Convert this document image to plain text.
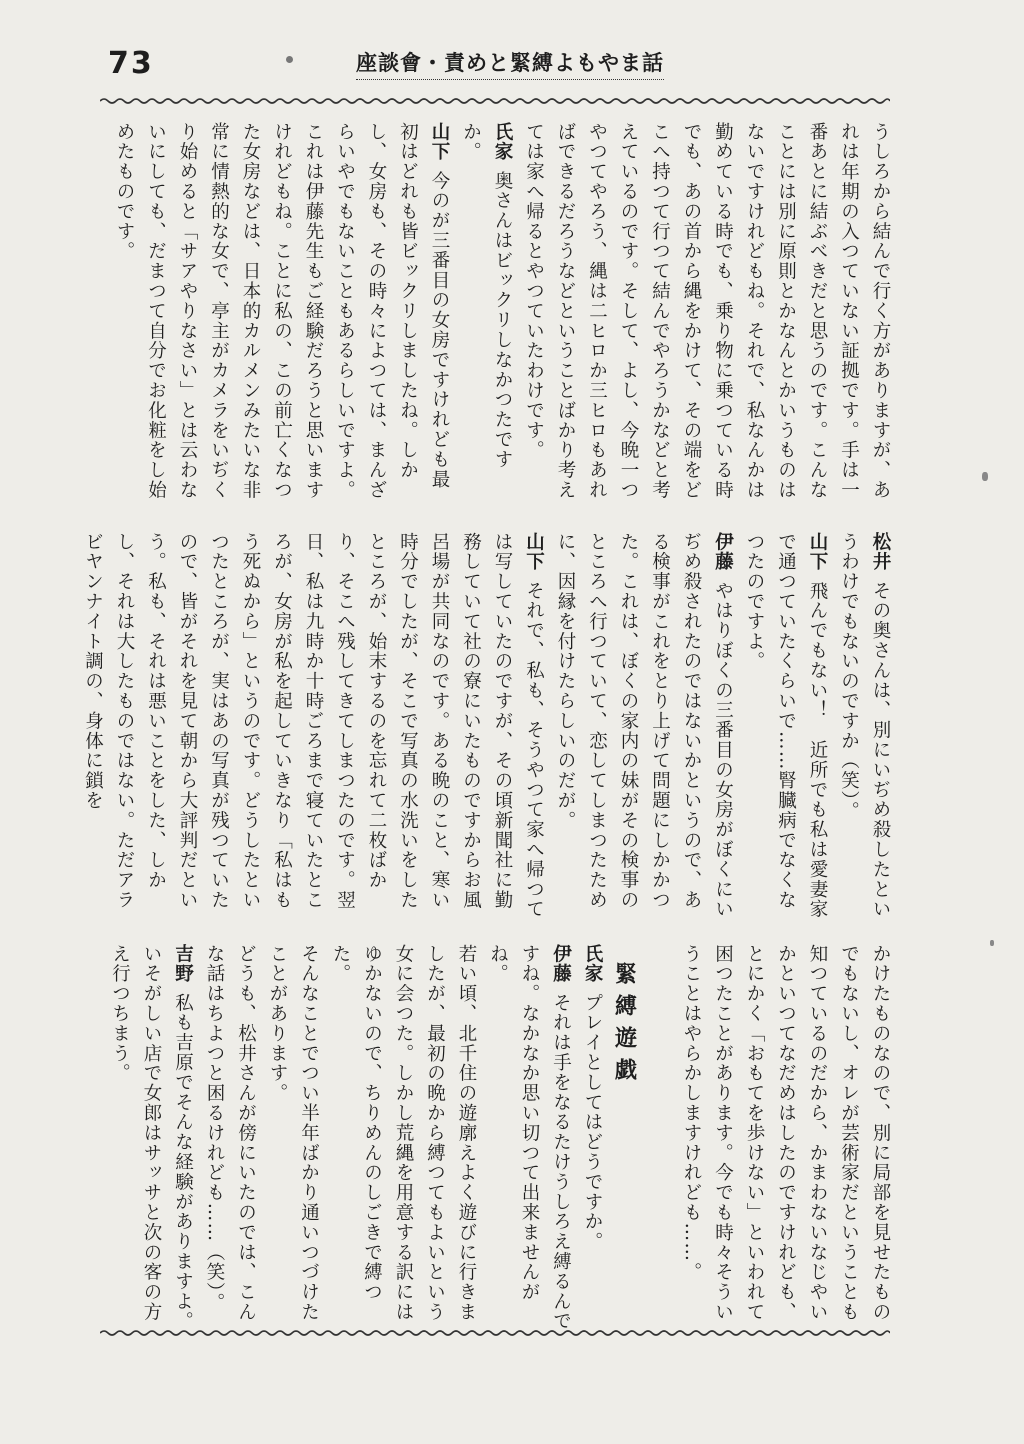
73	座談會・責めと緊縛よもやま話

うしろから結んで行く方がありますが、あれは年期の入つていない証拠です。手は一番あとに結ぶべきだと思うのです。こんなことには別に原則とかなんとかいうものはないですけれどもね。それで、私なんかは勤めている時でも、乗り物に乗つている時でも、あの首から縄をかけて、その端をどこへ持つて行つて結んでやろうかなどと考えているのです。そして、よし、今晩一つやつてやろう、縄は二ヒロか三ヒロもあればできるだろうなどということばかり考えては家へ帰るとやつていたわけです。

氏家奥さんはビックリしなかつたですか。

山下今のが三番目の女房ですけれども最初はどれも皆ビックリしましたね。しかし、女房も、その時々によつては、まんざらいやでもないこともあるらしいですよ。これは伊藤先生もご経験だろうと思いますけれどもね。ことに私の、この前亡くなつた女房などは、日本的カルメンみたいな非常に情熱的な女で、亭主がカメラをいぢくり始めると「サアやりなさい」とは云わないにしても、だまつて自分でお化粧をし始めたものです。

松井その奥さんは、別にいぢめ殺したというわけでもないのですか（笑）。

山下飛んでもない！　近所でも私は愛妻家で通つていたくらいで……腎臓病でなくなつたのですよ。

伊藤やはりぼくの三番目の女房がぼくにいぢめ殺されたのではないかというので、ある検事がこれをとり上げて問題にしかかつた。これは、ぼくの家内の妹がその検事のところへ行つていて、恋してしまつたために、因縁を付けたらしいのだが。

山下それで、私も、そうやつて家へ帰つては写していたのですが、その頃新聞社に勤務していて社の寮にいたものですからお風呂場が共同なのです。ある晩のこと、寒い時分でしたが、そこで写真の水洗いをしたところが、始末するのを忘れて二枚ばかり、そこへ残してきてしまつたのです。翌日、私は九時か十時ごろまで寝ていたところが、女房が私を起していきなり「私はもう死ぬから」というのです。どうしたといつたところが、実はあの写真が残つていたので、皆がそれを見て朝から大評判だという。私も、それは悪いことをした、しかし、それは大したものではない。ただアラビヤンナイト調の、身体に鎖を

かけたものなので、別に局部を見せたものでもないし、オレが芸術家だということも知つているのだから、かまわないなじやいかといつてなだめはしたのですけれども、とにかく「おもてを歩けない」といわれて困つたことがあります。今でも時々そういうことはやらかしますけれども……。

緊縛遊戯

氏家プレイとしてはどうですか。

伊藤それは手をなるたけうしろえ縛るんですね。なかなか思い切つて出来ませんがね。

若い頃、北千住の遊廓えよく遊びに行きましたが、最初の晩から縛つてもよいという女に会つた。しかし荒縄を用意する訳にはゆかないので、ちりめんのしごきで縛つた。

そんなことでつい半年ばかり通いつづけたことがあります。

どうも、松井さんが傍にいたのでは、こんな話はちよつと困るけれども……（笑）。

吉野私も吉原でそんな経験がありますよ。いそがしい店で女郎はサッサと次の客の方え行つちまう。
